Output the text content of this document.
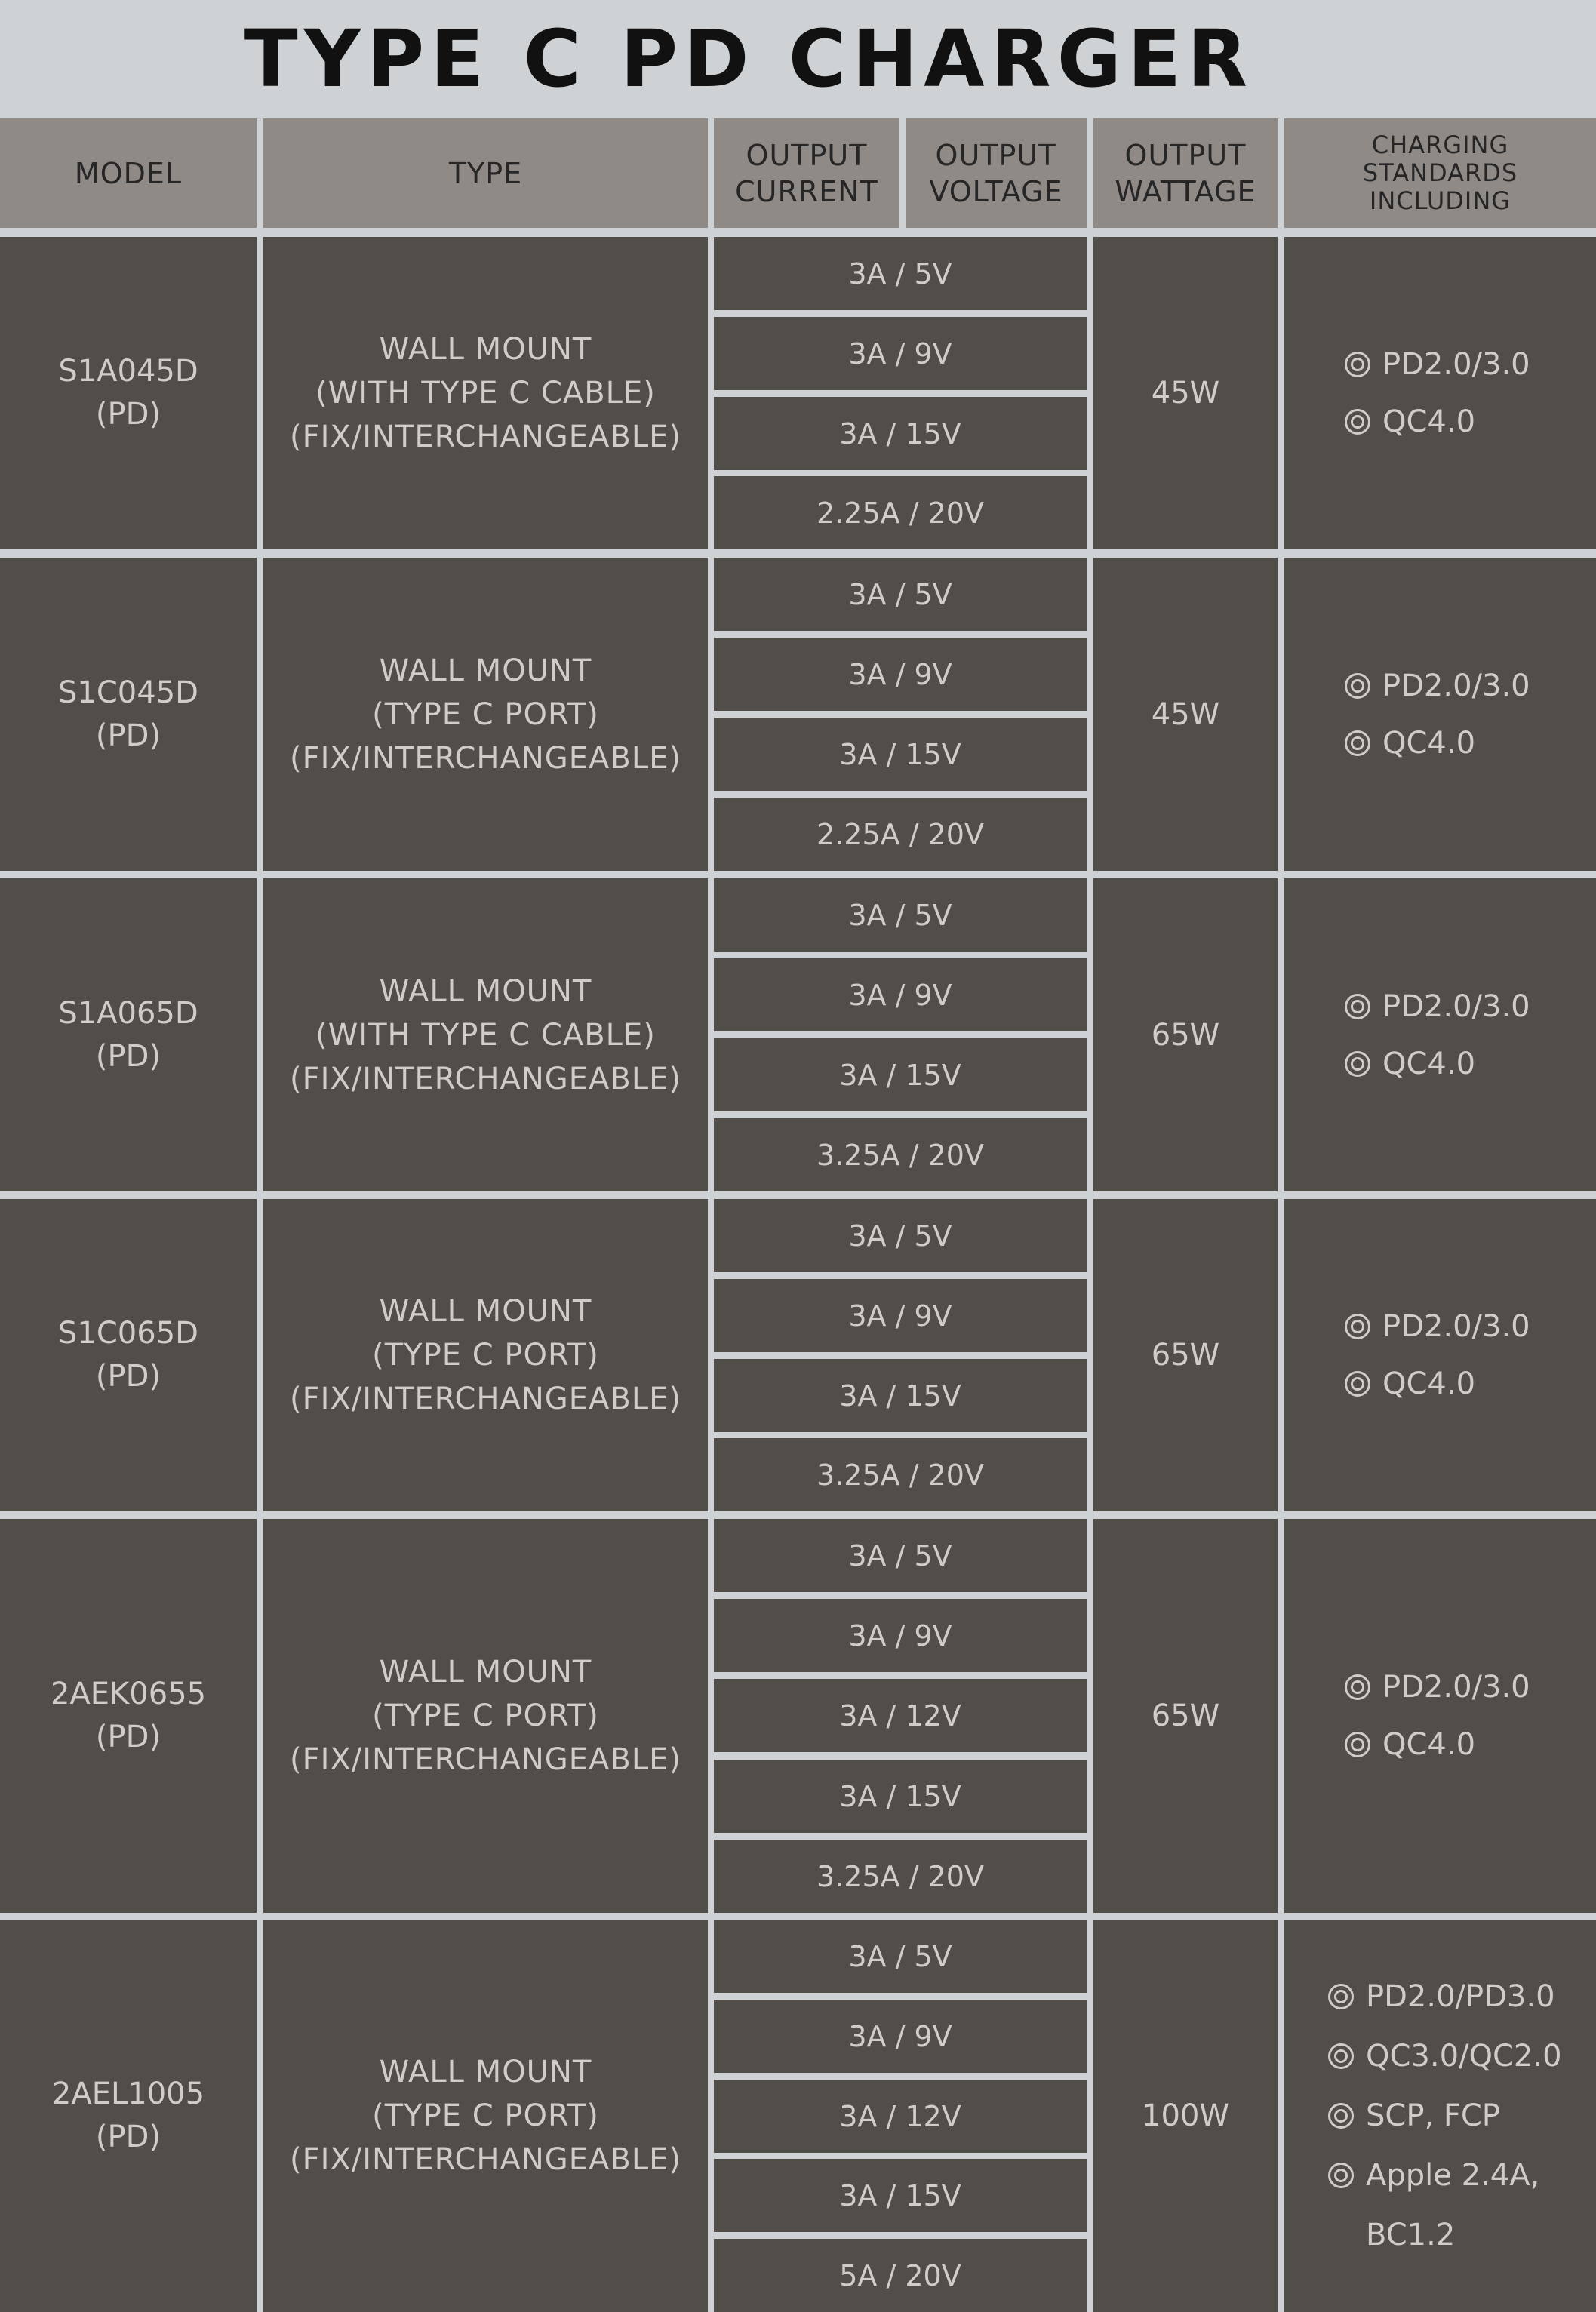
TYPE C PD CHARGER
MODEL	TYPE
OUTPUT
CURRENT
OUTPUT
VOLTAGE
OUTPUT
WATTAGE
CHARGING
STANDARDS
INCLUDING
S1A045D
(PD)
WALL MOUNT
(WITH TYPE C CABLE)
(FIX/INTERCHANGEABLE)
3A / 5V
3A / 9V
3A / 15V
2.25A / 20V
45W
PD2.0/3.0
QC4.0
S1C045D
(PD)
WALL MOUNT
(TYPE C PORT)
(FIX/INTERCHANGEABLE)
3A / 5V
3A / 9V
3A / 15V
2.25A / 20V
45W
PD2.0/3.0
QC4.0
S1A065D
(PD)
WALL MOUNT
(WITH TYPE C CABLE)
(FIX/INTERCHANGEABLE)
3A / 5V
3A / 9V
3A / 15V
3.25A / 20V
65W
PD2.0/3.0
QC4.0
S1C065D
(PD)
WALL MOUNT
(TYPE C PORT)
(FIX/INTERCHANGEABLE)
3A / 5V
3A / 9V
3A / 15V
3.25A / 20V
65W
PD2.0/3.0
QC4.0
2AEK0655
(PD)
WALL MOUNT
(TYPE C PORT)
(FIX/INTERCHANGEABLE)
3A / 5V
3A / 9V
3A / 12V
3A / 15V
3.25A / 20V
65W
PD2.0/3.0
QC4.0
2AEL1005
(PD)
WALL MOUNT
(TYPE C PORT)
(FIX/INTERCHANGEABLE)
3A / 5V
3A / 9V
3A / 12V
3A / 15V
5A / 20V
100W
PD2.0/PD3.0
QC3.0/QC2.0
SCP, FCP
Apple 2.4A,
BC1.2
